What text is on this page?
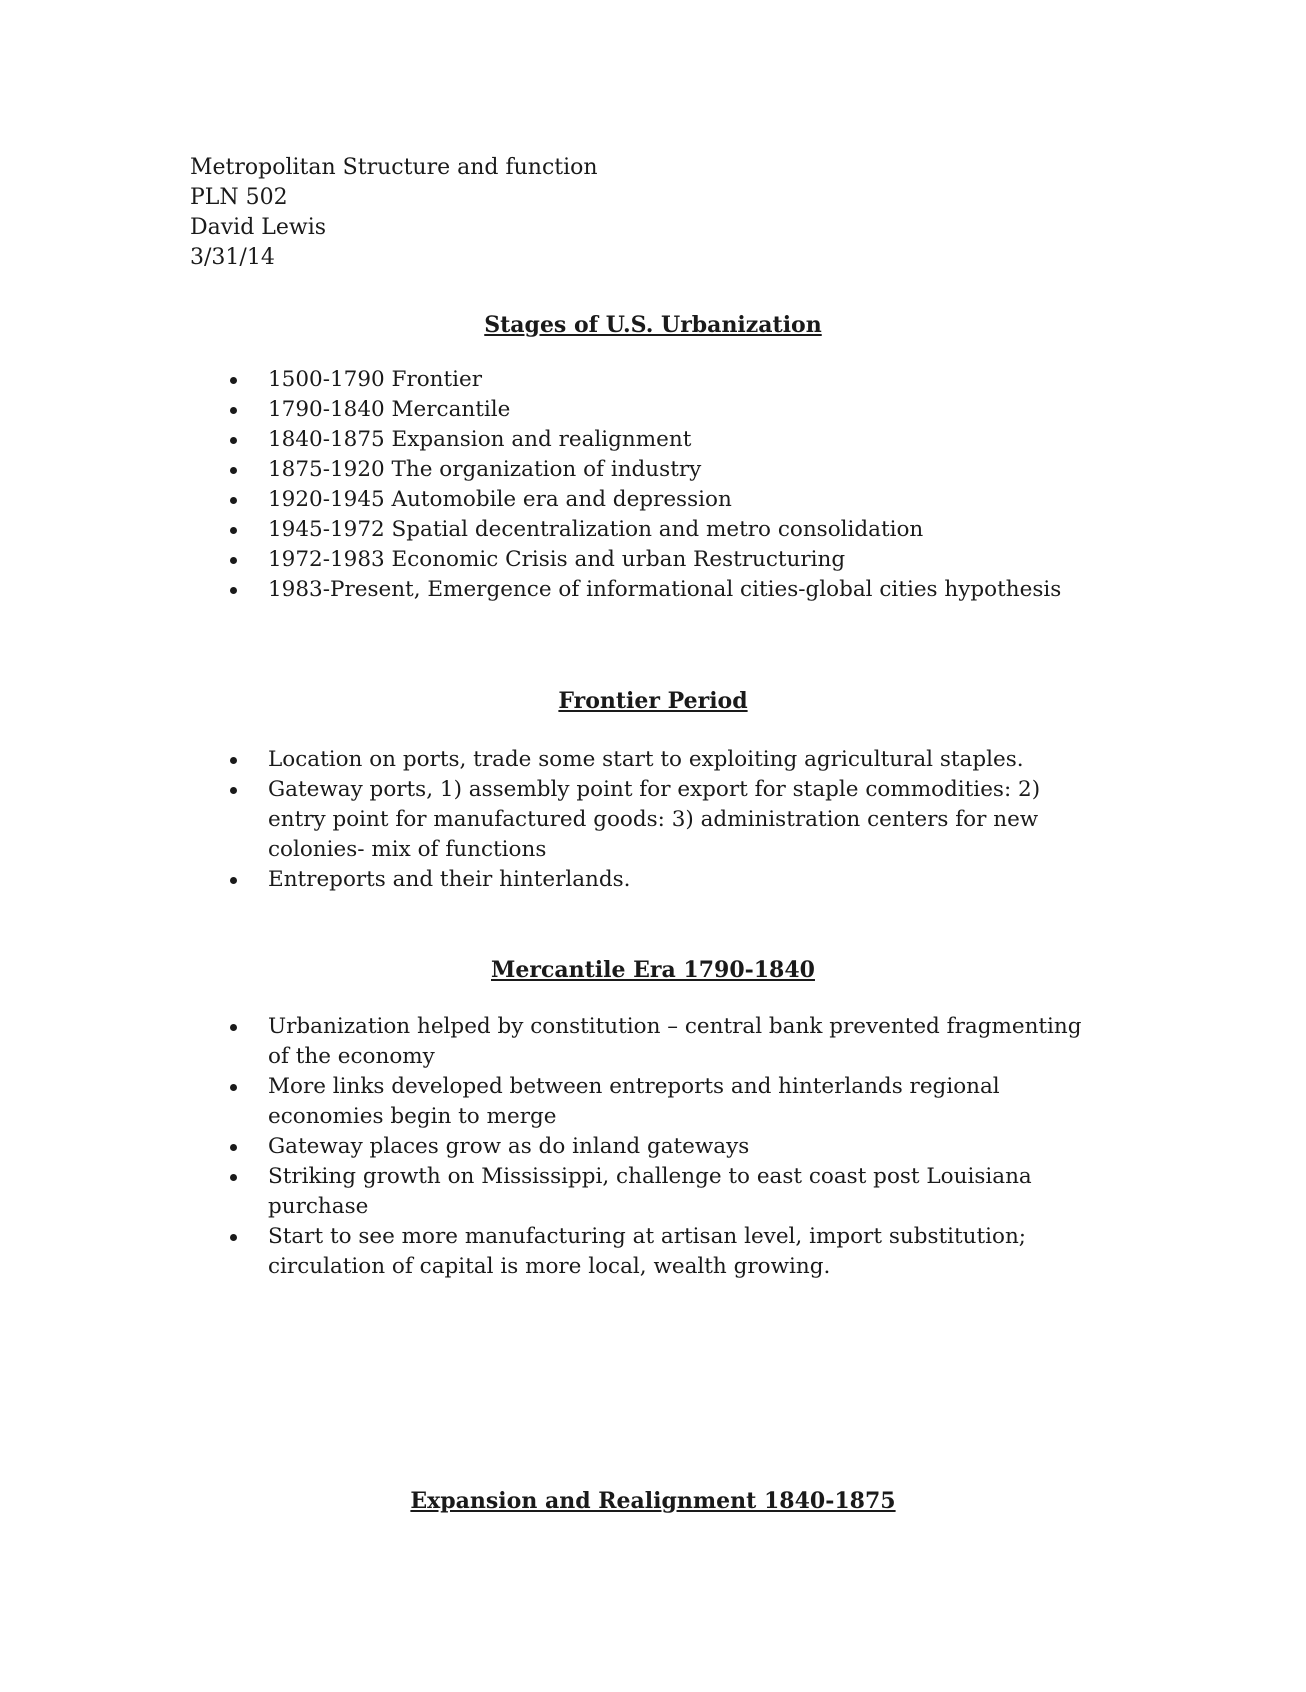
Metropolitan Structure and function
PLN 502
David Lewis
3/31/14
Stages of U.S. Urbanization
1500-1790 Frontier
1790-1840 Mercantile
1840-1875 Expansion and realignment
1875-1920 The organization of industry
1920-1945 Automobile era and depression
1945-1972 Spatial decentralization and metro consolidation
1972-1983 Economic Crisis and urban Restructuring
1983-Present, Emergence of informational cities-global cities hypothesis
Frontier Period
Location on ports, trade some start to exploiting agricultural staples.
Gateway ports, 1) assembly point for export for staple commodities: 2) entry point for manufactured goods: 3) administration centers for new colonies- mix of functions
Entreports and their hinterlands.
Mercantile Era 1790-1840
Urbanization helped by constitution – central bank prevented fragmenting of the economy
More links developed between entreports and hinterlands regional economies begin to merge
Gateway places grow as do inland gateways
Striking growth on Mississippi, challenge to east coast post Louisiana purchase
Start to see more manufacturing at artisan level, import substitution; circulation of capital is more local, wealth growing.
Expansion and Realignment 1840-1875
